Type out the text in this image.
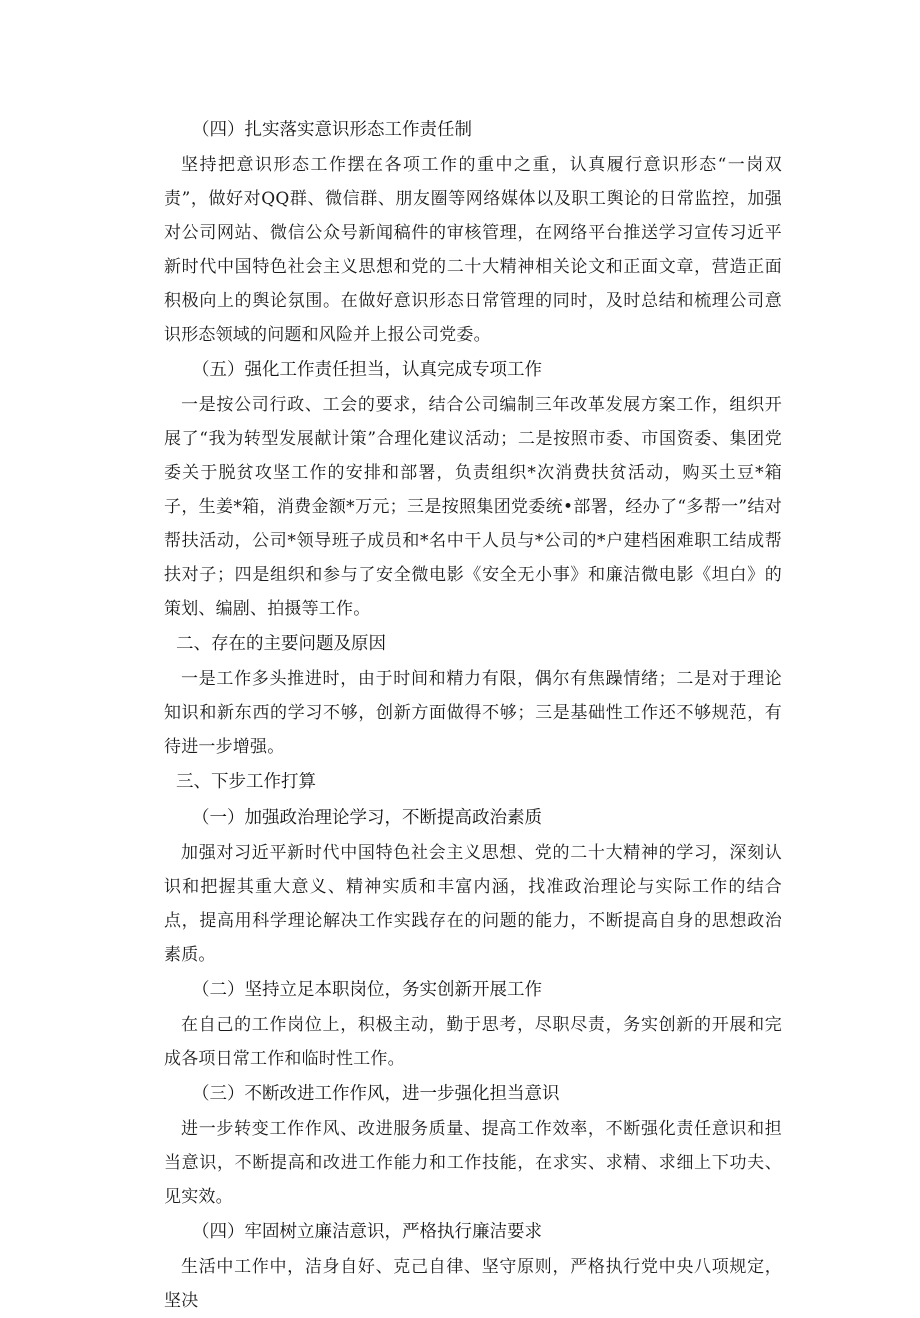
（四）扎实落实意识形态工作责任制

坚持把意识形态工作摆在各项工作的重中之重，认真履行意识形态“一岗双责”，做好对QQ群、微信群、朋友圈等网络媒体以及职工舆论的日常监控，加强对公司网站、微信公众号新闻稿件的审核管理，在网络平台推送学习宣传习近平新时代中国特色社会主义思想和党的二十大精神相关论文和正面文章，营造正面积极向上的舆论氛围。在做好意识形态日常管理的同时，及时总结和梳理公司意识形态领域的问题和风险并上报公司党委。

（五）强化工作责任担当，认真完成专项工作

一是按公司行政、工会的要求，结合公司编制三年改革发展方案工作，组织开展了“我为转型发展献计策”合理化建议活动；二是按照市委、市国资委、集团党委关于脱贫攻坚工作的安排和部署，负责组织*次消费扶贫活动，购买土豆*箱子，生姜*箱，消费金额*万元；三是按照集团党委统•部署，经办了“多帮一”结对帮扶活动，公司*领导班子成员和*名中干人员与*公司的*户建档困难职工结成帮扶对子；四是组织和参与了安全微电影《安全无小事》和廉洁微电影《坦白》的策划、编剧、拍摄等工作。

二、存在的主要问题及原因

一是工作多头推进时，由于时间和精力有限，偶尔有焦躁情绪；二是对于理论知识和新东西的学习不够，创新方面做得不够；三是基础性工作还不够规范，有待进一步增强。

三、下步工作打算
（一）加强政治理论学习，不断提高政治素质

加强对习近平新时代中国特色社会主义思想、党的二十大精神的学习，深刻认识和把握其重大意义、精神实质和丰富内涵，找准政治理论与实际工作的结合点，提高用科学理论解决工作实践存在的问题的能力，不断提高自身的思想政治素质。

（二）坚持立足本职岗位，务实创新开展工作

在自己的工作岗位上，积极主动，勤于思考，尽职尽责，务实创新的开展和完成各项日常工作和临时性工作。

（三）不断改进工作作风，进一步强化担当意识

进一步转变工作作风、改进服务质量、提高工作效率，不断强化责任意识和担当意识，不断提高和改进工作能力和工作技能，在求实、求精、求细上下功夫、见实效。

（四）牢固树立廉洁意识，严格执行廉洁要求

生活中工作中，洁身自好、克己自律、坚守原则，严格执行党中央八项规定，坚决
